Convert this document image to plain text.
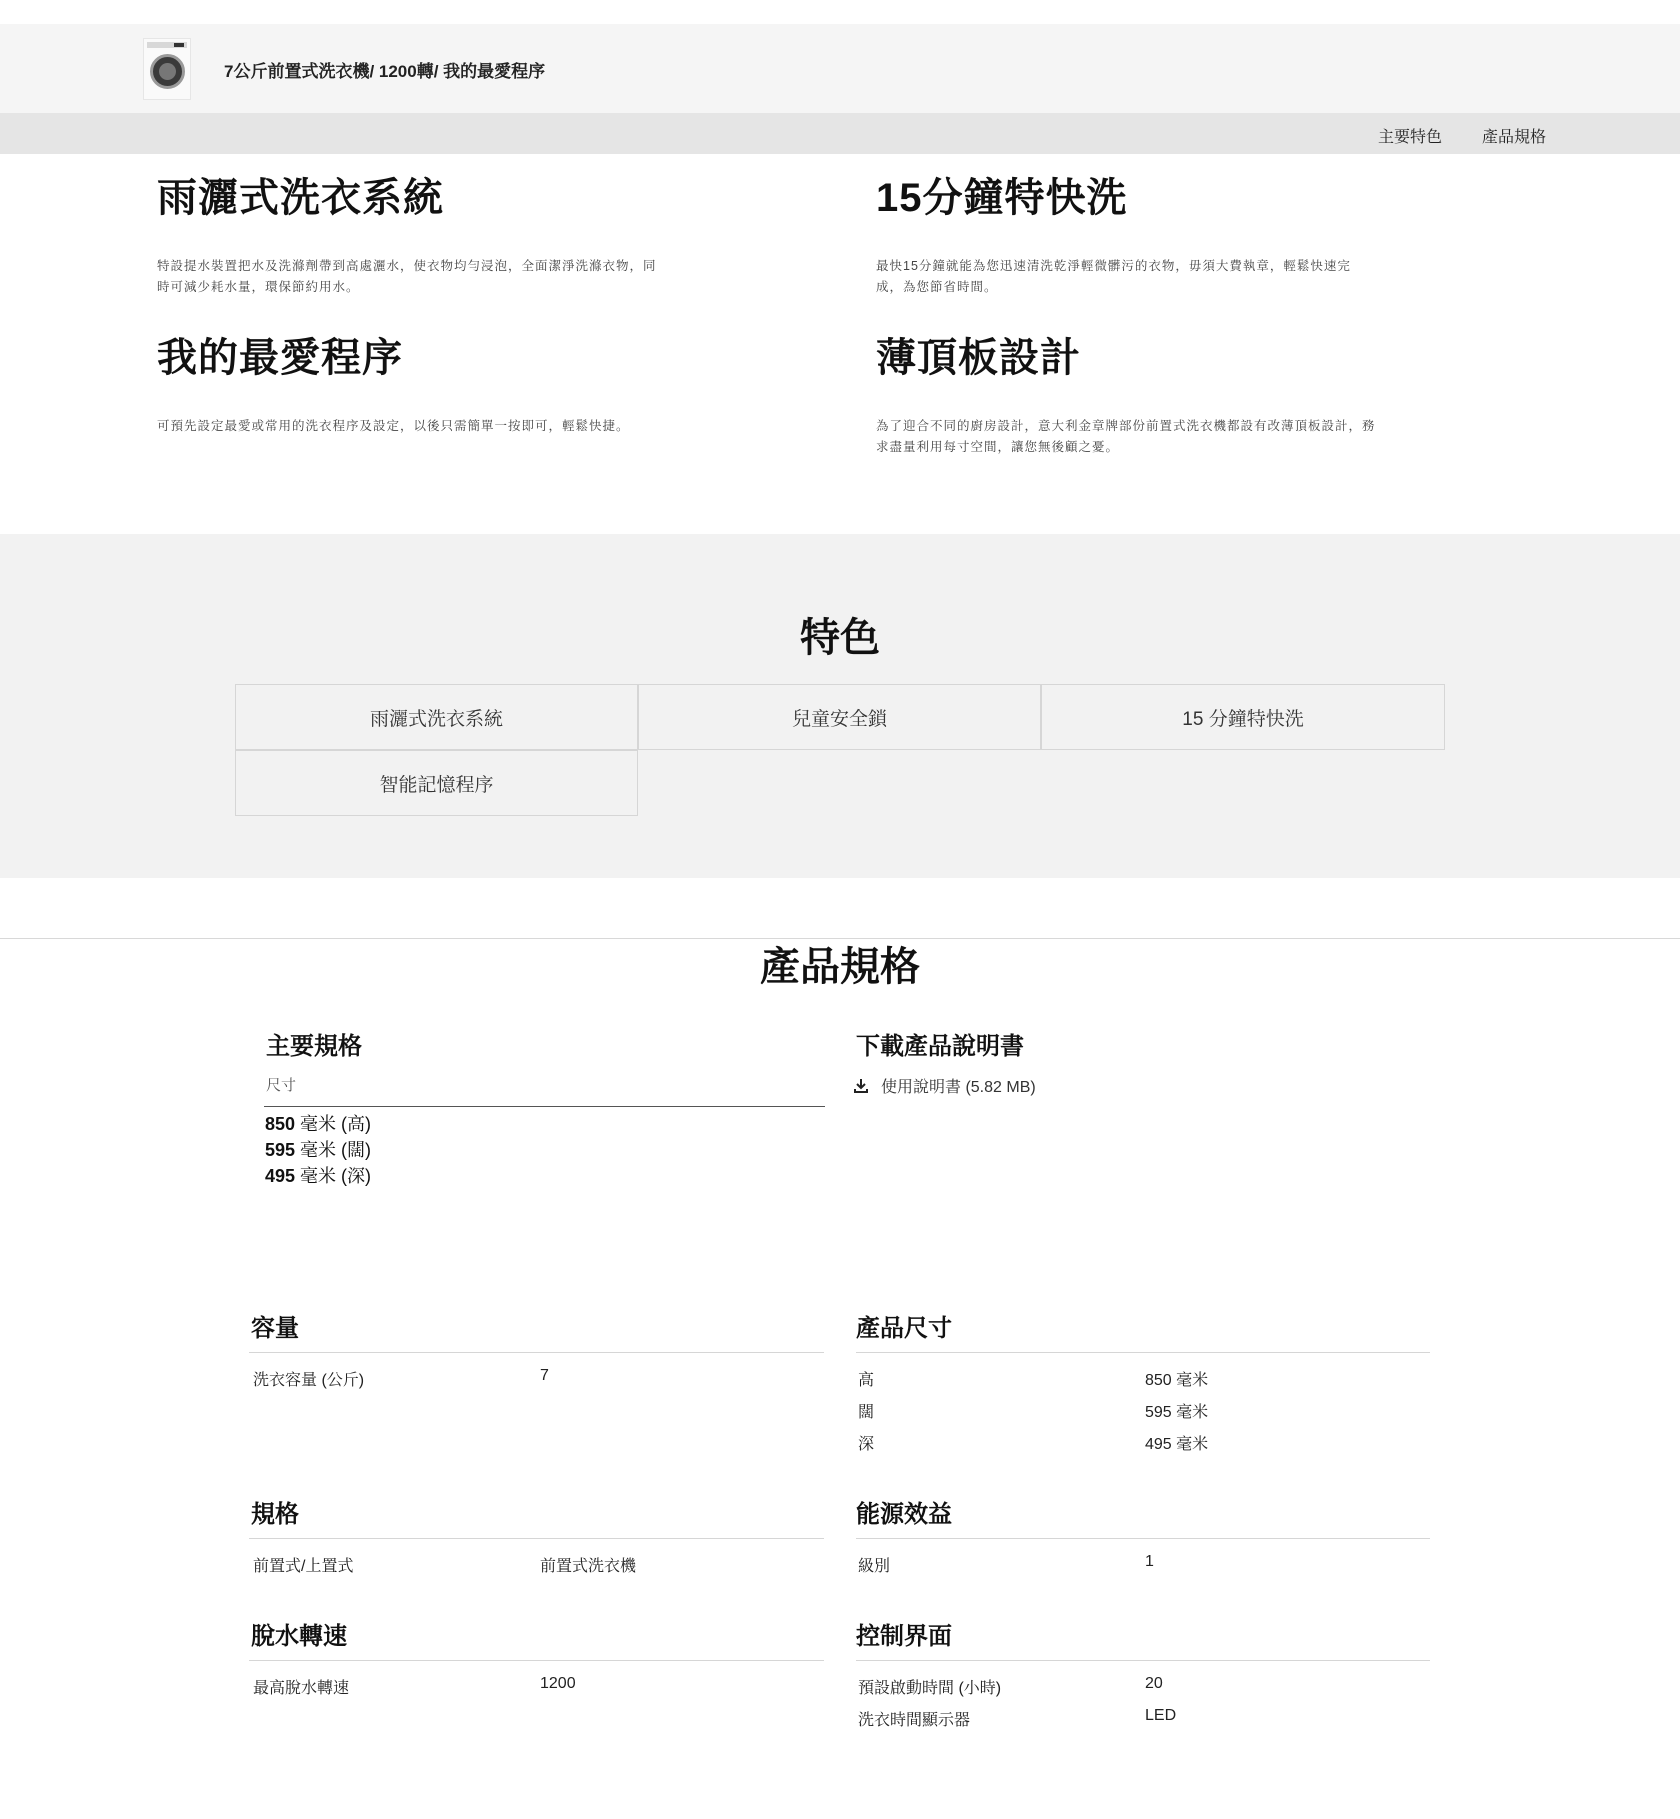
7公斤前置式洗衣機/ 1200轉/ 我的最愛程序
主要特色 產品規格
雨灑式洗衣系統
特設提水裝置把水及洗滌劑帶到高處灑水，使衣物均勻浸泡，全面潔淨洗滌衣物，同時可減少耗水量，環保節約用水。
15分鐘特快洗
最快15分鐘就能為您迅速清洗乾淨輕微髒污的衣物，毋須大費執章，輕鬆快速完成，為您節省時間。
我的最愛程序
可預先設定最愛或常用的洗衣程序及設定，以後只需簡單一按即可，輕鬆快捷。
薄頂板設計
為了迎合不同的廚房設計，意大利金章牌部份前置式洗衣機都設有改薄頂板設計，務求盡量利用每寸空間，讓您無後顧之憂。
特色
雨灑式洗衣系統	兒童安全鎖	15 分鐘特快洗
智能記憶程序
產品規格
主要規格
尺寸
850 毫米 (高)
595 毫米 (闊)
495 毫米 (深)
下載產品說明書
使用說明書 (5.82 MB)
容量
洗衣容量 (公斤)	7
產品尺寸
高	850 毫米
闊	595 毫米
深	495 毫米
規格
前置式/上置式	前置式洗衣機
能源效益
級別	1
脫水轉速
最高脫水轉速	1200
控制界面
預設啟動時間 (小時)	20
洗衣時間顯示器	LED
